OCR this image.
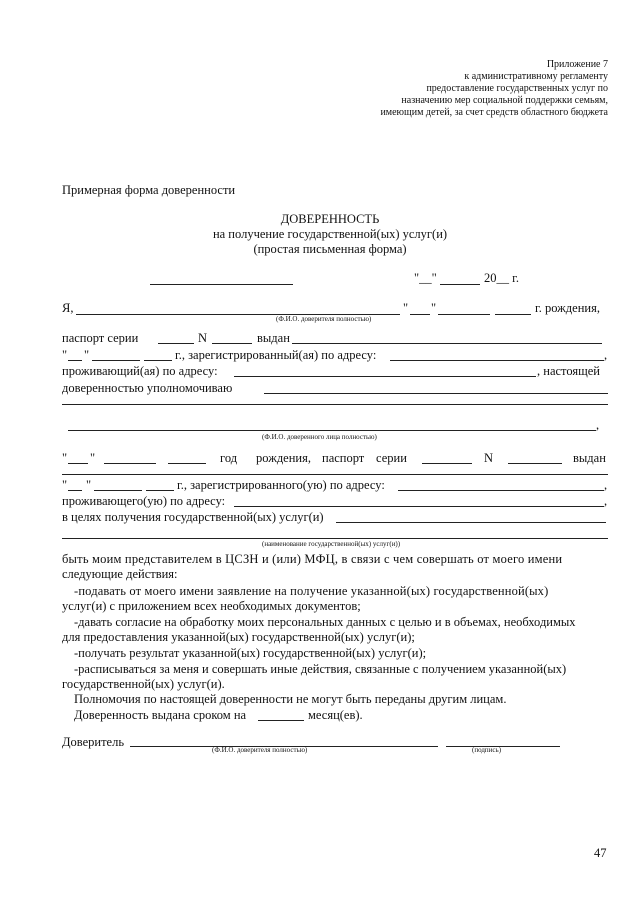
Приложение 7
к административному регламенту
предоставление государственных услуг по
назначению мер социальной поддержки семьям,
имеющим детей, за счет средств областного бюджета
Примерная форма доверенности
ДОВЕРЕННОСТЬ
на получение государственной(ых) услуг(и)
(простая письменная форма)
"__"	20__ г.
Я,	" "	г. рождения,
(Ф.И.О. доверителя полностью)
паспорт серии	N	выдан
" "	г., зарегистрированный(ая) по адресу:	,
проживающий(ая) по адресу:	, настоящей
доверенностью уполномочиваю
,
(Ф.И.О. доверенного лица полностью)
" "	год рождения, паспорт серии	N	выдан
" "	г., зарегистрированного(ую) по адресу:	,
проживающего(ую) по адресу:	,
в целях получения государственной(ых) услуг(и)
(наименование государственной(ых) услуг(и))
быть моим представителем в ЦСЗН и (или) МФЦ, в связи с чем совершать от моего имени
следующие действия:
-подавать от моего имени заявление на получение указанной(ых) государственной(ых)
услуг(и) с приложением всех необходимых документов;
-давать согласие на обработку моих персональных данных с целью и в объемах, необходимых
для предоставления указанной(ых) государственной(ых) услуг(и);
-получать результат указанной(ых) государственной(ых) услуг(и);
-расписываться за меня и совершать иные действия, связанные с получением указанной(ых)
государственной(ых) услуг(и).
Полномочия по настоящей доверенности не могут быть переданы другим лицам.
Доверенность выдана сроком на	месяц(ев).
Доверитель
(Ф.И.О. доверителя полностью)	(подпись)
47
